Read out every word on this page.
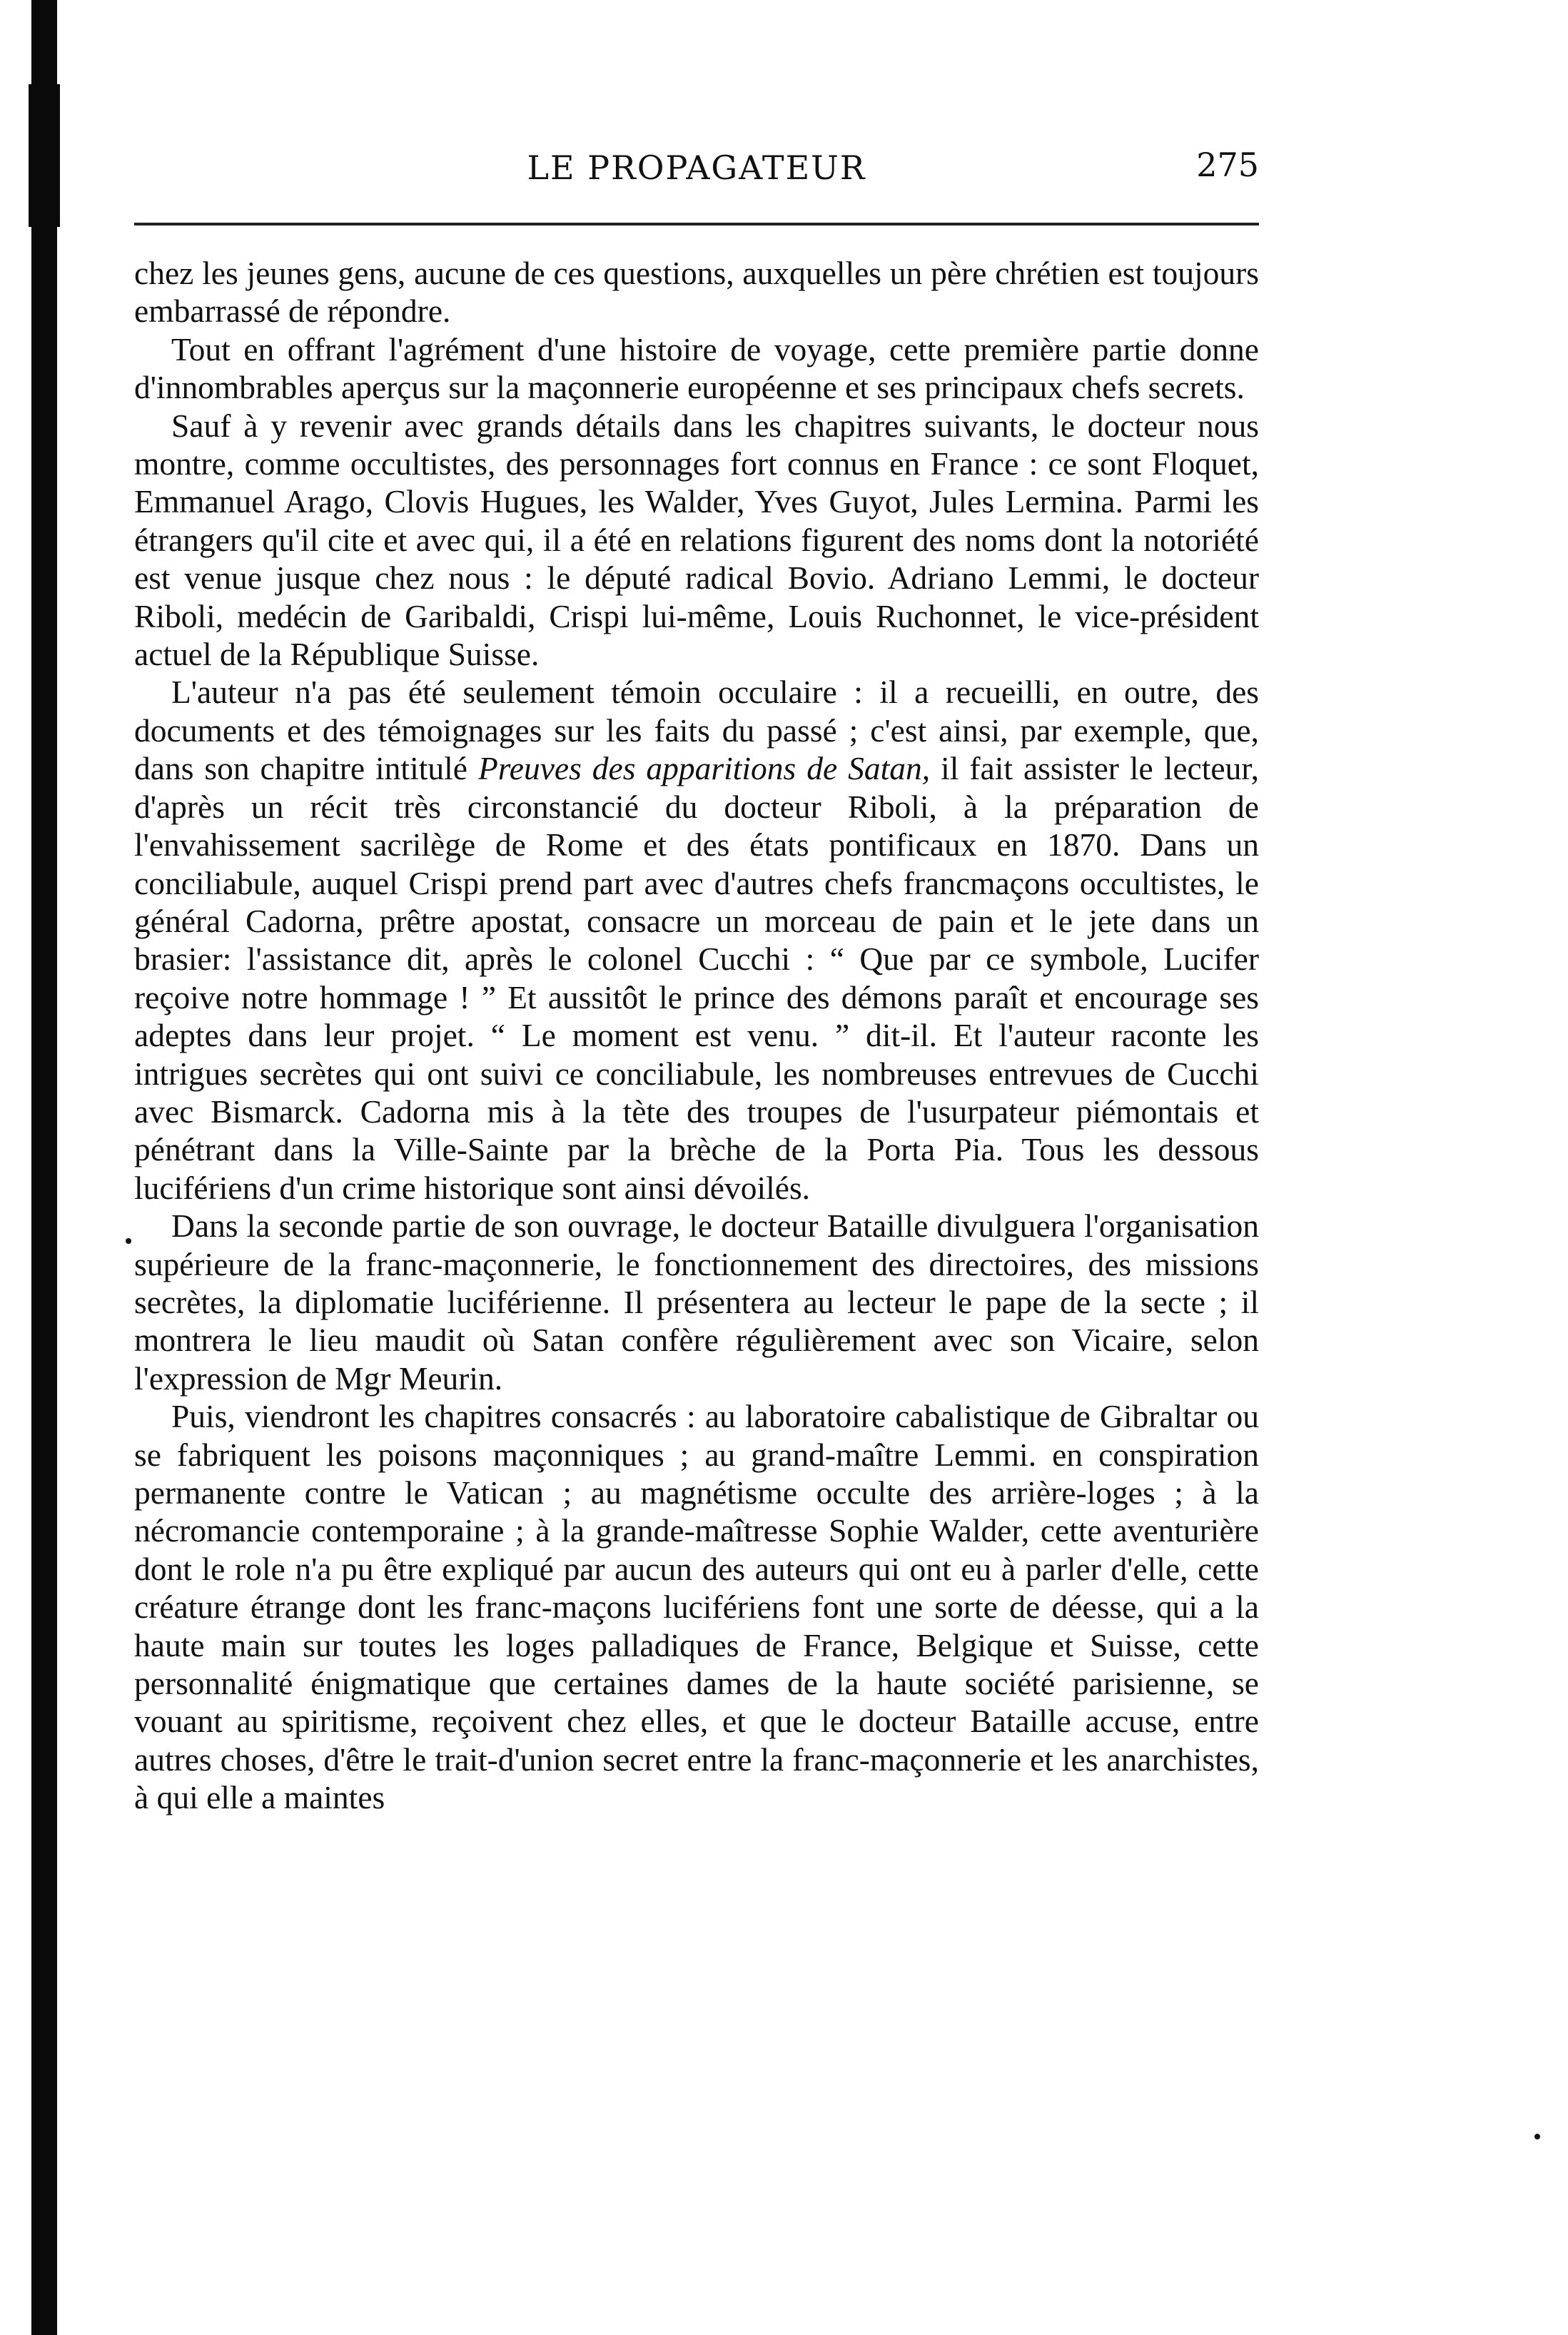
LE PROPAGATEUR	275

chez les jeunes gens, aucune de ces questions, auxquelles un père chrétien est toujours embarrassé de répondre.

Tout en offrant l'agrément d'une histoire de voyage, cette première partie donne d'innombrables aperçus sur la maçonnerie européenne et ses principaux chefs secrets.

Sauf à y revenir avec grands détails dans les chapitres suivants, le docteur nous montre, comme occultistes, des personnages fort connus en France : ce sont Floquet, Emmanuel Arago, Clovis Hugues, les Walder, Yves Guyot, Jules Lermina. Parmi les étrangers qu'il cite et avec qui, il a été en relations figurent des noms dont la notoriété est venue jusque chez nous : le député radical Bovio. Adriano Lemmi, le docteur Riboli, medécin de Garibaldi, Crispi lui-même, Louis Ruchonnet, le vice-président actuel de la République Suisse.

L'auteur n'a pas été seulement témoin occulaire : il a recueilli, en outre, des documents et des témoignages sur les faits du passé ; c'est ainsi, par exemple, que, dans son chapitre intitulé Preuves des apparitions de Satan, il fait assister le lecteur, d'après un récit très circonstancié du docteur Riboli, à la préparation de l'envahissement sacrilège de Rome et des états pontificaux en 1870. Dans un conciliabule, auquel Crispi prend part avec d'autres chefs francmaçons occultistes, le général Cadorna, prêtre apostat, consacre un morceau de pain et le jete dans un brasier: l'assistance dit, après le colonel Cucchi : “ Que par ce symbole, Lucifer reçoive notre hommage ! ” Et aussitôt le prince des démons paraît et encourage ses adeptes dans leur projet. “ Le moment est venu. ” dit-il. Et l'auteur raconte les intrigues secrètes qui ont suivi ce conciliabule, les nombreuses entrevues de Cucchi avec Bismarck. Cadorna mis à la tète des troupes de l'usurpateur piémontais et pénétrant dans la Ville-Sainte par la brèche de la Porta Pia. Tous les dessous lucifériens d'un crime historique sont ainsi dévoilés.

Dans la seconde partie de son ouvrage, le docteur Bataille divulguera l'organisation supérieure de la franc-maçonnerie, le fonctionnement des directoires, des missions secrètes, la diplomatie luciférienne. Il présentera au lecteur le pape de la secte ; il montrera le lieu maudit où Satan confère régulièrement avec son Vicaire, selon l'expression de Mgr Meurin.

Puis, viendront les chapitres consacrés : au laboratoire cabalistique de Gibraltar ou se fabriquent les poisons maçonniques ; au grand-maître Lemmi. en conspiration permanente contre le Vatican ; au magnétisme occulte des arrière-loges ; à la nécromancie contemporaine ; à la grande-maîtresse Sophie Walder, cette aventurière dont le role n'a pu être expliqué par aucun des auteurs qui ont eu à parler d'elle, cette créature étrange dont les franc-maçons lucifériens font une sorte de déesse, qui a la haute main sur toutes les loges palladiques de France, Belgique et Suisse, cette personnalité énigmatique que certaines dames de la haute société parisienne, se vouant au spiritisme, reçoivent chez elles, et que le docteur Bataille accuse, entre autres choses, d'être le trait-d'union secret entre la franc-maçonnerie et les anarchistes, à qui elle a maintes
